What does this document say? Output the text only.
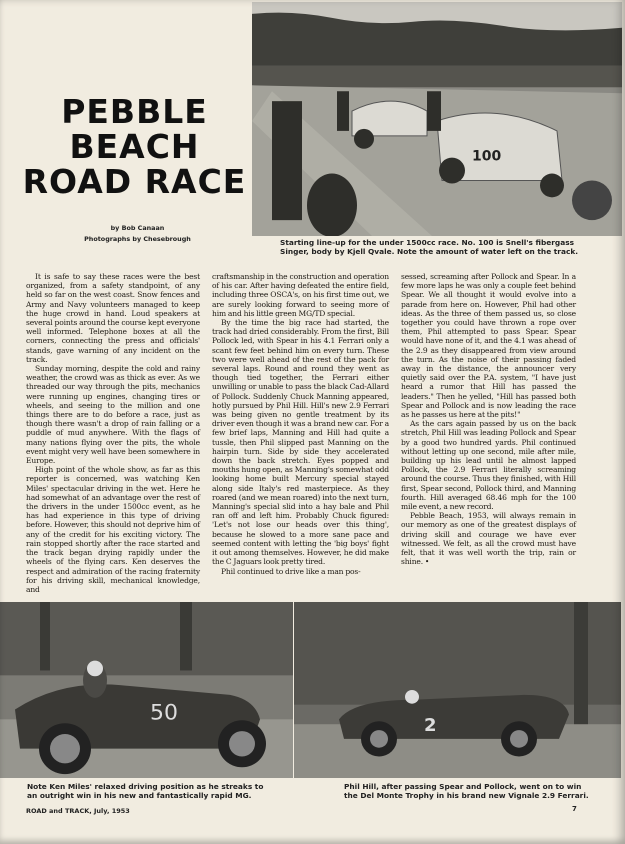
PEBBLE
BEACH
ROAD RACE
by Bob Canaan
Photographs by Chesebrough
100
Starting line-up for the under 1500cc race. No. 100 is Snell's fibergass
Singer, body by Kjell Qvale. Note the amount of water left on the track.

It is safe to say these races were the best organized, from a safety standpoint, of any held so far on the west coast. Snow fences and Army and Navy volunteers managed to keep the huge crowd in hand. Loud speakers at several points around the course kept everyone well informed. Telephone boxes at all the corners, connecting the press and officials' stands, gave warning of any incident on the track.

Sunday morning, despite the cold and rainy weather, the crowd was as thick as ever. As we threaded our way through the pits, mechanics were running up engines, changing tires or wheels, and seeing to the million and one things there are to do before a race, just as though there wasn't a drop of rain falling or a puddle of mud anywhere. With the flags of many nations flying over the pits, the whole event might very well have been somewhere in Europe.

High point of the whole show, as far as this reporter is concerned, was watching Ken Miles' spectacular driving in the wet. Here he had somewhat of an advantage over the rest of the drivers in the under 1500cc event, as he has had experience in this type of driving before. However, this should not deprive him of any of the credit for his exciting victory. The rain stopped shortly after the race started and the track began drying rapidly under the wheels of the flying cars. Ken deserves the respect and admiration of the racing fraternity for his driving skill, mechanical knowledge, and

craftsmanship in the construction and operation of his car. After having defeated the entire field, including three OSCA's, on his first time out, we are surely looking forward to seeing more of him and his little green MG/TD special.

By the time the big race had started, the track had dried considerably. From the first, Bill Pollock led, with Spear in his 4.1 Ferrari only a scant few feet behind him on every turn. These two were well ahead of the rest of the pack for several laps. Round and round they went as though tied together, the Ferrari either unwilling or unable to pass the black Cad-Allard of Pollock. Suddenly Chuck Manning appeared, hotly pursued by Phil Hill. Hill's new 2.9 Ferrari was being given no gentle treatment by its driver even though it was a brand new car. For a few brief laps, Manning and Hill had quite a tussle, then Phil slipped past Manning on the hairpin turn. Side by side they accelerated down the back stretch. Eyes popped and mouths hung open, as Manning's somewhat odd looking home built Mercury special stayed along side Italy's red masterpiece. As they roared (and we mean roared) into the next turn, Manning's special slid into a hay bale and Phil ran off and left him. Probably Chuck figured: 'Let's not lose our heads over this thing', because he slowed to a more sane pace and seemed content with letting the 'big boys' fight it out among themselves. However, he did make the C Jaguars look pretty tired.

Phil continued to drive like a man pos-

sessed, screaming after Pollock and Spear. In a few more laps he was only a couple feet behind Spear. We all thought it would evolve into a parade from here on. However, Phil had other ideas. As the three of them passed us, so close together you could have thrown a rope over them, Phil attempted to pass Spear. Spear would have none of it, and the 4.1 was ahead of the 2.9 as they disappeared from view around the turn. As the noise of their passing faded away in the distance, the announcer very quietly said over the P.A. system, "I have just heard a rumor that Hill has passed the leaders." Then he yelled, "Hill has passed both Spear and Pollock and is now leading the race as he passes us here at the pits!"

As the cars again passed by us on the back stretch, Phil Hill was leading Pollock and Spear by a good two hundred yards. Phil continued without letting up one second, mile after mile, building up his lead until he almost lapped Pollock, the 2.9 Ferrari literally screaming around the course. Thus they finished, with Hill first, Spear second, Pollock third, and Manning fourth. Hill averaged 68.46 mph for the 100 mile event, a new record.

Pebble Beach, 1953, will always remain in our memory as one of the greatest displays of driving skill and courage we have ever witnessed. We felt, as all the crowd must have felt, that it was well worth the trip, rain or shine. •

50
2
Note Ken Miles' relaxed driving position as he streaks to
an outright win in his new and fantastically rapid MG.
Phil Hill, after passing Spear and Pollock, went on to win
the Del Monte Trophy in his brand new Vignale 2.9 Ferrari.
ROAD and TRACK, July, 1953	7
